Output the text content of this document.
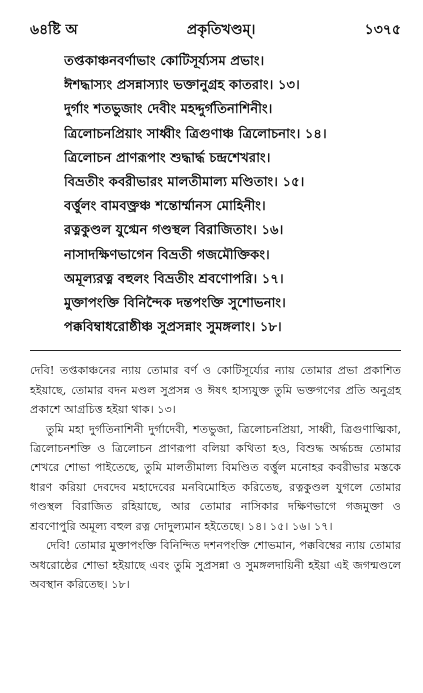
৬৪ষ্টি অ	প্রকৃতিখণ্ডম্‌।	১৩৭৫
তপ্তকাঞ্চনবর্ণাভাং কোটিসূর্য্যসম প্রভাং।
ঈশদ্ধাস্যং প্রসন্নাস্যাং ভক্তানুগ্রহ কাতরাং। ১৩।
দুর্গাং শতভুজাং দেবীং মহদ্দুর্গতিনাশিনীং।
ত্রিলোচনপ্রিয়াং সাধ্বীং ত্রিগুণাঞ্চ ত্রিলোচনাং। ১৪।
ত্রিলোচন প্রাণরূপাং শুদ্ধার্দ্ধ চন্দ্রশেখরাং।
বিভ্রতীং কবরীভারং মালতীমাল্য মণ্ডিতাং। ১৫।
বর্ত্তুলং বামবক্ত্রঞ্চ শন্তোর্ম্মানস মোহিনীং।
রত্নকুণ্ডল যুগ্মেন গণ্ডস্থল বিরাজিতাং। ১৬।
নাসাদক্ষিণভাগেন বিভ্রতী গজমৌক্তিকং।
অমূল্যরত্ন বহুলং বিভ্রতীং শ্রবণোপরি। ১৭।
মুক্তাপংক্তি বিনিন্দৈক দন্তপংক্তি সুশোভনাং।
পক্কবিম্বাধরোষ্ঠীঞ্চ সুপ্রসন্নাং সুমঙ্গলাং। ১৮।
দেবি! তপ্তকাঞ্চনের ন্যায় তোমার বর্ণ ও কোটিসূর্য্যের ন্যায় তোমার প্রভা প্রকাশিত হইয়াছে, তোমার বদন মণ্ডল সুপ্রসন্ন ও ঈষৎ হাস্যযুক্ত তুমি ভক্তগণের প্রতি অনুগ্রহ প্রকাশে আগ্রচিত্ত হইয়া থাক। ১৩।
তুমি মহা দুর্গতিনাশিনী দুর্গাদেবী, শতভুজা, ত্রিলোচনপ্রিয়া, সাধ্বী, ত্রিগুণাত্মিকা, ত্রিলোচনশক্তি ও ত্রিলোচন প্রাণরূপা বলিয়া কথিতা হও, বিশুদ্ধ অর্দ্ধচন্দ্র তোমার শেখরে শোভা পাইতেছে, তুমি মালতীমাল্য বিমণ্ডিত বর্ত্তুল মনোহর কবরীভার মস্তকে ধারণ করিয়া দেবদেব মহাদেবের মনবিমোহিত করিতেছ, রত্নকুণ্ডল যুগলে তোমার গণ্ডস্থল বিরাজিত রহিয়াছে, আর তোমার নাসিকার দক্ষিণভাগে গজমুক্তা ও শ্রবণোপুরি অমূল্য বহুল রত্ন দোদুল্যমান হইতেছে। ১৪। ১৫। ১৬। ১৭।
দেবি! তোমার মুক্তাপংক্তি বিনিন্দিত দশনপংক্তি শোভমান, পক্কবিম্বের ন্যায় তোমার অধরোষ্ঠের শোভা হইয়াছে এবং তুমি সুপ্রসন্না ও সুমঙ্গলদায়িনী হইয়া এই জগন্মণ্ডলে অবস্থান করিতেছ। ১৮।
